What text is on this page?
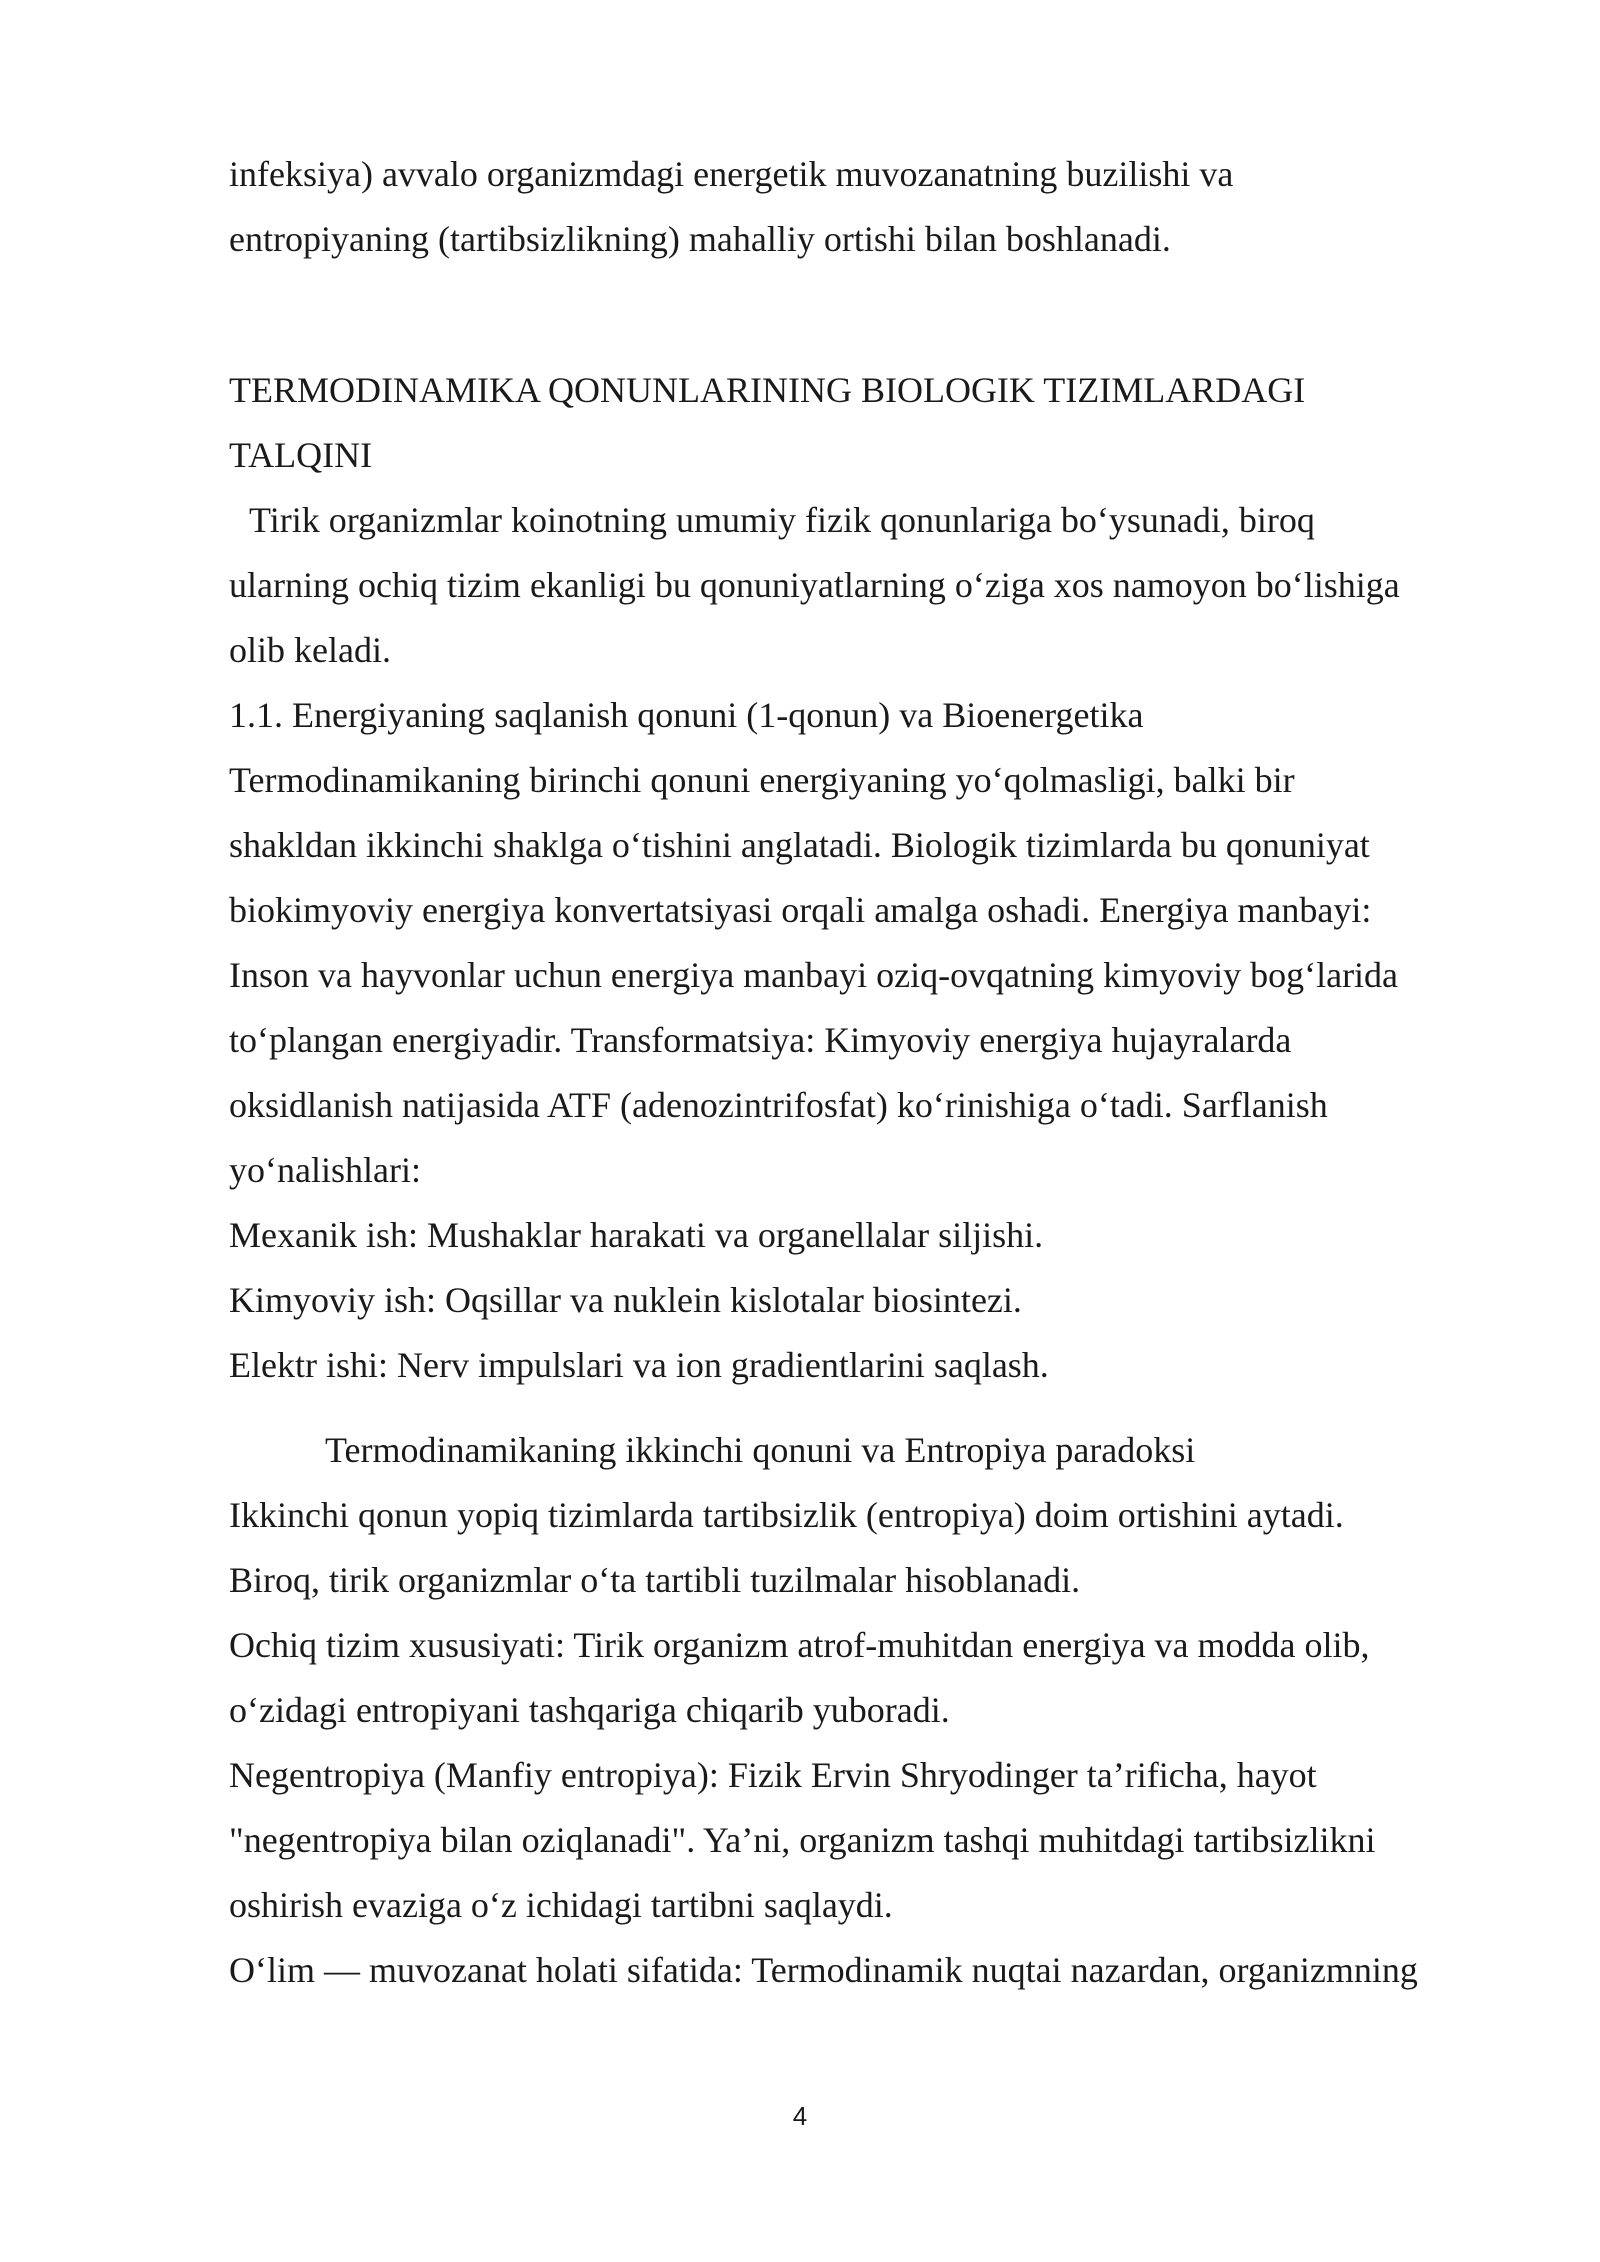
infeksiya) avvalo organizmdagi energetik muvozanatning buzilishi va
entropiyaning (tartibsizlikning) mahalliy ortishi bilan boshlanadi.
TERMODINAMIKA QONUNLARINING BIOLOGIK TIZIMLARDAGI
TALQINI
Tirik organizmlar koinotning umumiy fizik qonunlariga bo‘ysunadi, biroq
ularning ochiq tizim ekanligi bu qonuniyatlarning o‘ziga xos namoyon bo‘lishiga
olib keladi.
1.1. Energiyaning saqlanish qonuni (1-qonun) va Bioenergetika
Termodinamikaning birinchi qonuni energiyaning yo‘qolmasligi, balki bir
shakldan ikkinchi shaklga o‘tishini anglatadi. Biologik tizimlarda bu qonuniyat
biokimyoviy energiya konvertatsiyasi orqali amalga oshadi. Energiya manbayi:
Inson va hayvonlar uchun energiya manbayi oziq-ovqatning kimyoviy bog‘larida
to‘plangan energiyadir. Transformatsiya: Kimyoviy energiya hujayralarda
oksidlanish natijasida ATF (adenozintrifosfat) ko‘rinishiga o‘tadi. Sarflanish
yo‘nalishlari:
Mexanik ish: Mushaklar harakati va organellalar siljishi.
Kimyoviy ish: Oqsillar va nuklein kislotalar biosintezi.
Elektr ishi: Nerv impulslari va ion gradientlarini saqlash.
Termodinamikaning ikkinchi qonuni va Entropiya paradoksi
Ikkinchi qonun yopiq tizimlarda tartibsizlik (entropiya) doim ortishini aytadi.
Biroq, tirik organizmlar o‘ta tartibli tuzilmalar hisoblanadi.
Ochiq tizim xususiyati: Tirik organizm atrof-muhitdan energiya va modda olib,
o‘zidagi entropiyani tashqariga chiqarib yuboradi.
Negentropiya (Manfiy entropiya): Fizik Ervin Shryodinger ta’rificha, hayot
"negentropiya bilan oziqlanadi". Ya’ni, organizm tashqi muhitdagi tartibsizlikni
oshirish evaziga o‘z ichidagi tartibni saqlaydi.
O‘lim — muvozanat holati sifatida: Termodinamik nuqtai nazardan, organizmning
4
